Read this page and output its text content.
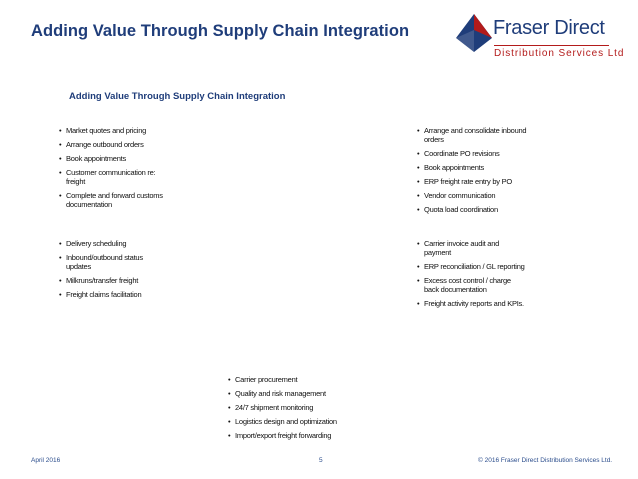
Adding Value Through Supply Chain Integration	Fraser Direct
Distribution Services Ltd
Adding Value Through Supply Chain Integration
• Market quotes and pricing
• Arrange outbound orders
• Book appointments
• Customer communication re: freight
• Complete and forward customs documentation
• Arrange and consolidate inbound orders
• Coordinate PO revisions
• Book appointments
• ERP freight rate entry by PO
• Vendor communication
• Quota load coordination
• Delivery scheduling
• Inbound/outbound status updates
• Milkruns/transfer freight
• Freight claims facilitation
• Carrier invoice audit and payment
• ERP reconciliation / GL reporting
• Excess cost control / charge back documentation
• Freight activity reports and KPIs.
• Carrier procurement
• Quality and risk management
• 24/7 shipment monitoring
• Logistics design and optimization
• Import/export freight forwarding
April 2016	5	© 2016 Fraser Direct Distribution Services Ltd.
